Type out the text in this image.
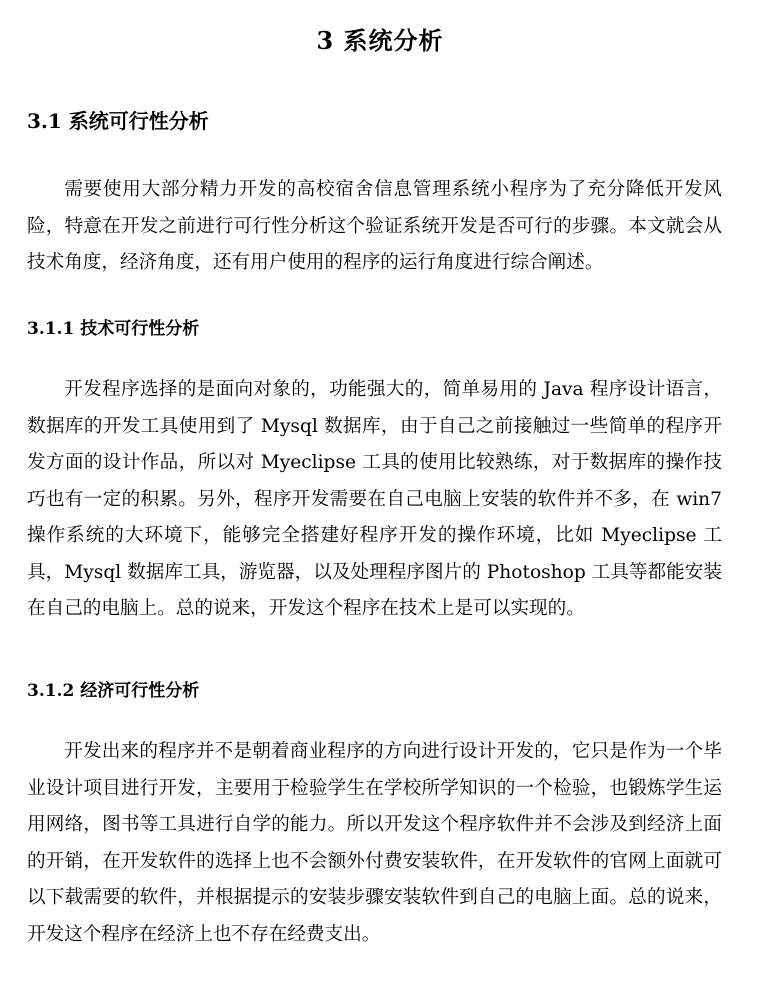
3 系统分析
3.1 系统可行性分析

需要使用大部分精力开发的高校宿舍信息管理系统小程序为了充分降低开发风险，特意在开发之前进行可行性分析这个验证系统开发是否可行的步骤。本文就会从技术角度，经济角度，还有用户使用的程序的运行角度进行综合阐述。

3.1.1 技术可行性分析

开发程序选择的是面向对象的，功能强大的，简单易用的 Java 程序设计语言，数据库的开发工具使用到了 Mysql 数据库，由于自己之前接触过一些简单的程序开发方面的设计作品，所以对 Myeclipse 工具的使用比较熟练，对于数据库的操作技巧也有一定的积累。另外，程序开发需要在自己电脑上安装的软件并不多，在 win7 操作系统的大环境下，能够完全搭建好程序开发的操作环境，比如 Myeclipse 工具，Mysql 数据库工具，游览器，以及处理程序图片的 Photoshop 工具等都能安装在自己的电脑上。总的说来，开发这个程序在技术上是可以实现的。

3.1.2 经济可行性分析

开发出来的程序并不是朝着商业程序的方向进行设计开发的，它只是作为一个毕业设计项目进行开发，主要用于检验学生在学校所学知识的一个检验，也锻炼学生运用网络，图书等工具进行自学的能力。所以开发这个程序软件并不会涉及到经济上面的开销，在开发软件的选择上也不会额外付费安装软件，在开发软件的官网上面就可以下载需要的软件，并根据提示的安装步骤安装软件到自己的电脑上面。总的说来，开发这个程序在经济上也不存在经费支出。
